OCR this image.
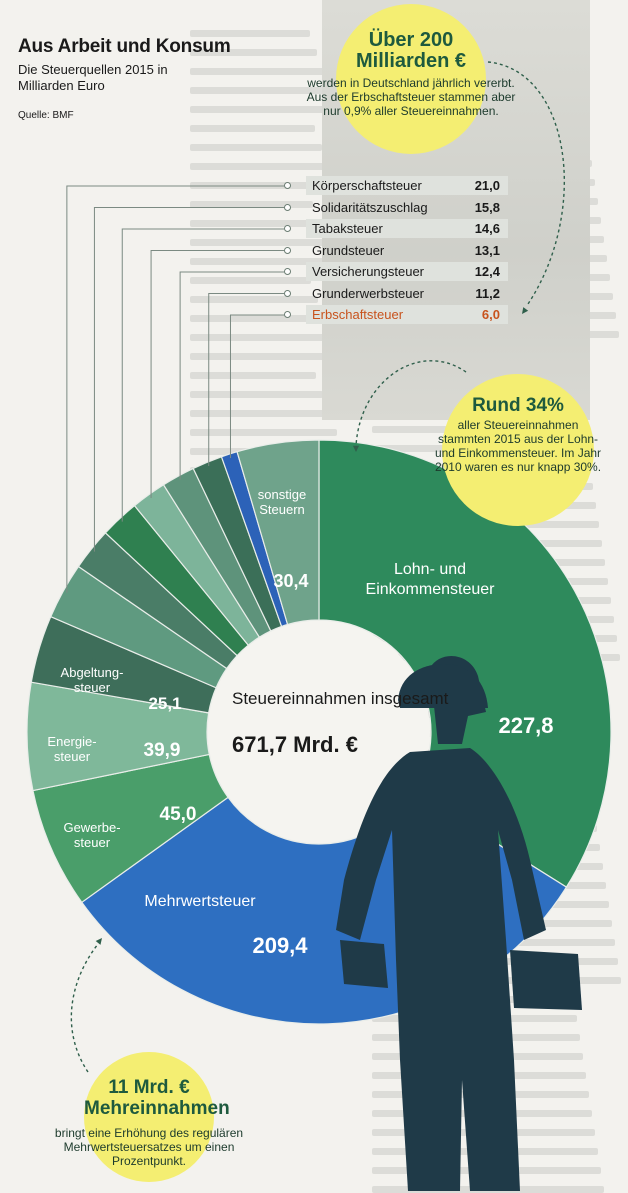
Aus Arbeit und Konsum
Die Steuerquellen 2015 in Milliarden Euro
Quelle: BMF
227,8
209,4
45,0
39,9
25,1
30,4
Lohn- und Einkommensteuer
Mehrwertsteuer
Gewerbe-steuer
Energie-steuer
Abgeltung-steuer
sonstige Steuern
Körperschaftsteuer	21,0
Solidaritätszuschlag	15,8
Tabaksteuer	14,6
Grundsteuer	13,1
Versicherungsteuer	12,4
Grunderwerbsteuer	11,2
Erbschaftsteuer	6,0
Steuereinnahmen insgesamt
671,7 Mrd. €
Über 200 Milliarden €
werden in Deutschland jährlich vererbt. Aus der Erbschaftsteuer stammen aber nur 0,9% aller Steuereinnahmen.
Rund 34%
aller Steuereinnahmen stammten 2015 aus der Lohn- und Einkommensteuer. Im Jahr 2010 waren es nur knapp 30%.
11 Mrd. € Mehreinnahmen
bringt eine Erhöhung des regulären Mehrwertsteuersatzes um einen Prozentpunkt.
